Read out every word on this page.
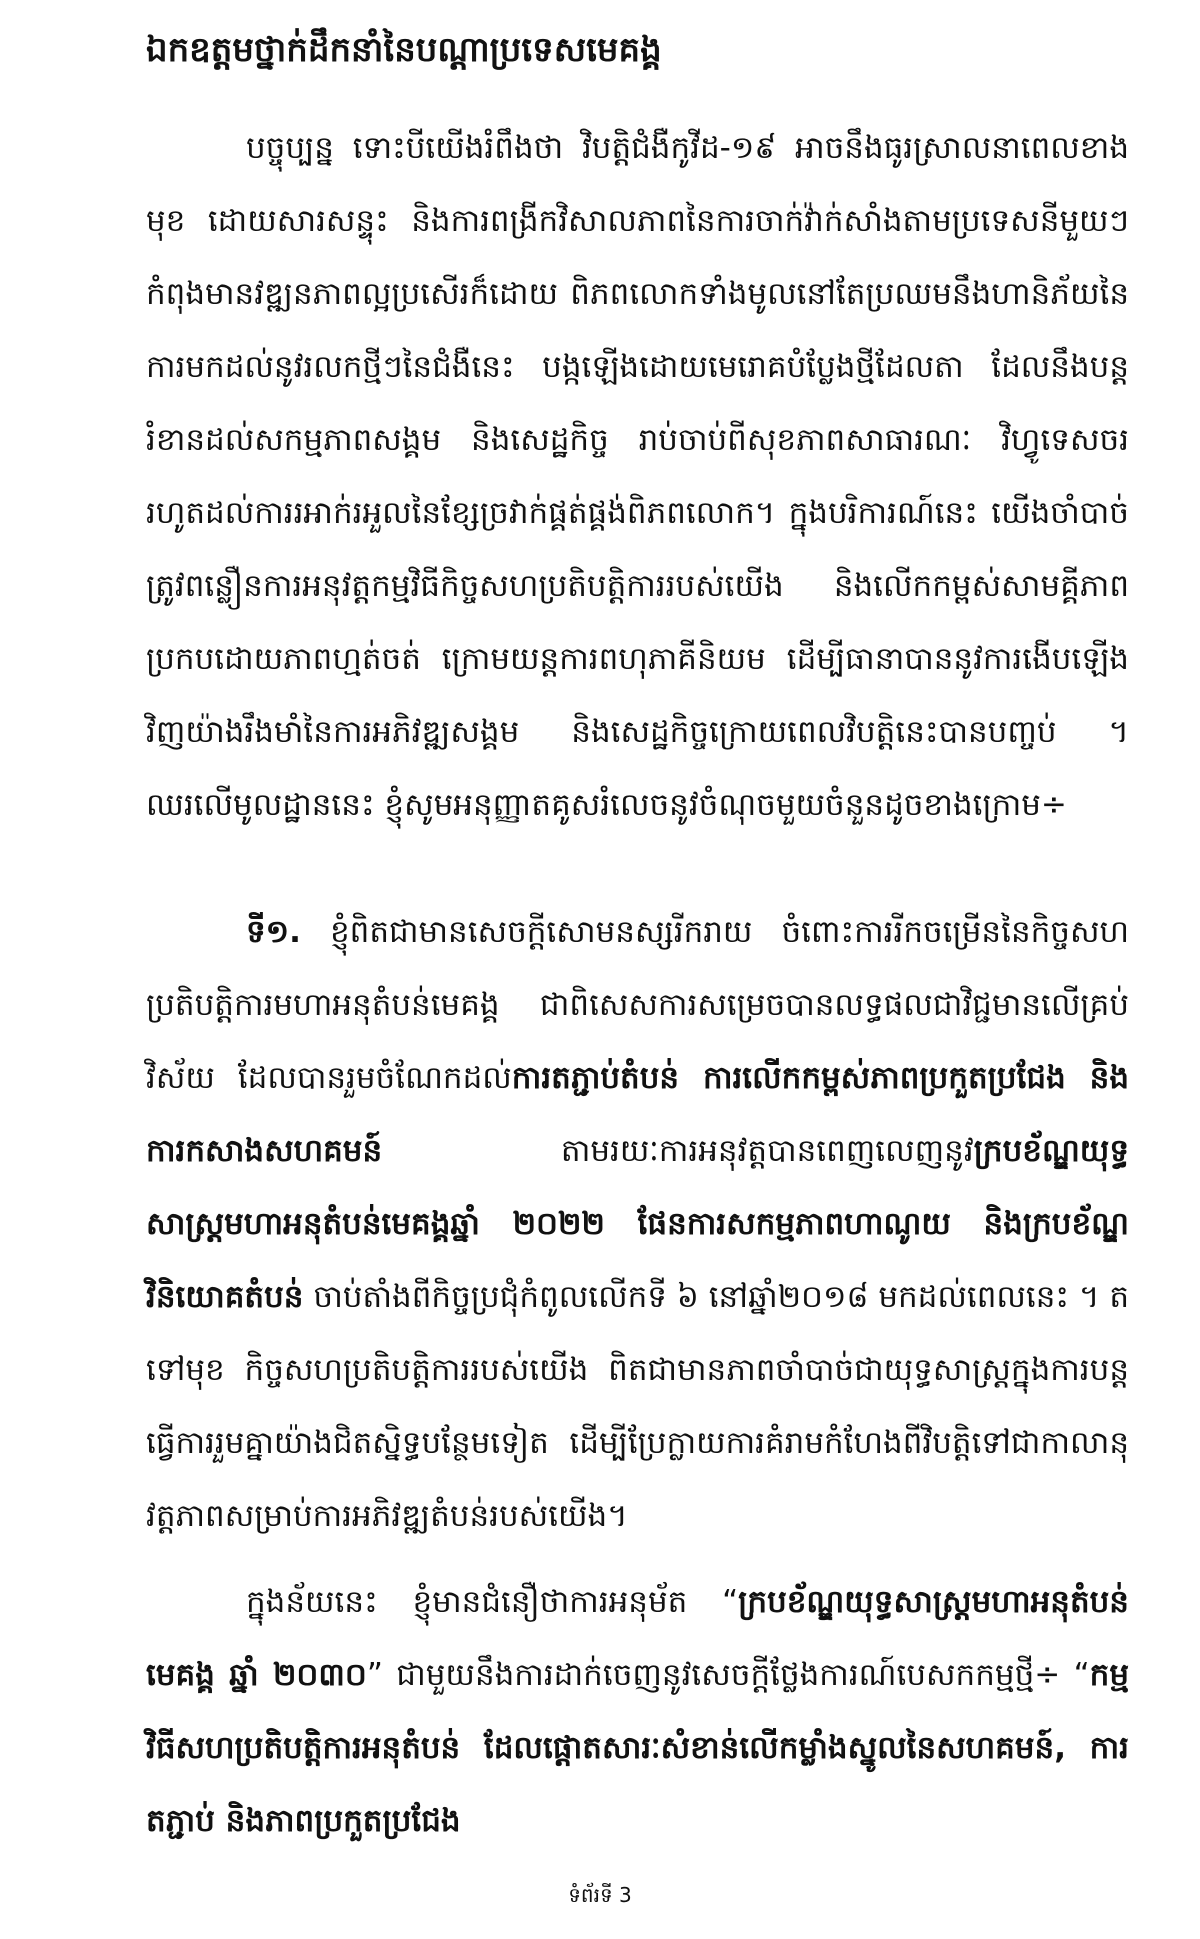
ឯកឧត្តមថ្នាក់ដឹកនាំនៃបណ្ដាប្រទេសមេគង្គ
បច្ចុប្បន្ន ទោះបីយើងរំពឹងថា វិបត្តិជំងឺកូវីដ-១៩ អាចនឹងធូរស្រាលនាពេលខាងមុខ ដោយសារសន្ទុះ និងការពង្រីកវិសាលភាពនៃការចាក់វ៉ាក់សាំងតាមប្រទេសនីមួយៗកំពុងមានវឌ្ឍនភាពល្អប្រសើរក៏ដោយ ពិភពលោកទាំងមូលនៅតែប្រឈមនឹងហានិភ័យនៃការមកដល់នូវរលកថ្មីៗនៃជំងឺនេះ បង្កឡើងដោយមេរោគបំប្លែងថ្មីដែលតា ដែលនឹងបន្តរំខានដល់សកម្មភាពសង្គម និងសេដ្ឋកិច្ច រាប់ចាប់ពីសុខភាពសាធារណៈ វិហ្វូទេសចរ រហូតដល់ការរអាក់រអួលនៃខ្សែច្រវាក់ផ្គត់ផ្គង់ពិភពលោក។ ក្នុងបរិការណ៍នេះ យើងចាំបាច់ត្រូវពន្លឿនការអនុវត្តកម្មវិធីកិច្ចសហប្រតិបត្តិការរបស់យើង និងលើកកម្ពស់សាមគ្គីភាពប្រកបដោយភាពហ្មត់ចត់ ក្រោមយន្តការពហុភាគីនិយម ដើម្បីធានាបាននូវការងើបឡើងវិញយ៉ាងរឹងមាំនៃការអភិវឌ្ឍសង្គម និងសេដ្ឋកិច្ចក្រោយពេលវិបត្តិនេះបានបញ្ចប់ ។ ឈរលើមូលដ្ឋាននេះ ខ្ញុំសូមអនុញ្ញាតគូសរំលេចនូវចំណុចមួយចំនួនដូចខាងក្រោម÷
ទី១. ខ្ញុំពិតជាមានសេចក្ដីសោមនស្សរីករាយ ចំពោះការរីកចម្រើននៃកិច្ចសហប្រតិបត្តិការមហាអនុតំបន់មេគង្គ ជាពិសេសការសម្រេចបានលទ្ធផលជាវិជ្ជមានលើគ្រប់វិស័យ ដែលបានរួមចំណែកដល់ការតភ្ជាប់តំបន់ ការលើកកម្ពស់ភាពប្រកួតប្រជែង និងការកសាងសហគមន៍	តាមរយៈការអនុវត្តបានពេញលេញនូវក្របខ័ណ្ឌយុទ្ធសាស្ត្រមហាអនុតំបន់មេគង្គឆ្នាំ ២០២២ ផែនការសកម្មភាពហាណូយ និងក្របខ័ណ្ឌវិនិយោគតំបន់ ចាប់តាំងពីកិច្ចប្រជុំកំពូលលើកទី ៦ នៅឆ្នាំ២០១៨ មកដល់ពេលនេះ ។ តទៅមុខ កិច្ចសហប្រតិបត្តិការរបស់យើង ពិតជាមានភាពចាំបាច់ជាយុទ្ធសាស្ត្រក្នុងការបន្តធ្វើការរួមគ្នាយ៉ាងជិតស្និទ្ធបន្ថែមទៀត ដើម្បីប្រែក្លាយការគំរាមកំហែងពីវិបត្តិទៅជាកាលានុវត្តភាពសម្រាប់ការអភិវឌ្ឍតំបន់របស់យើង។
ក្នុងន័យនេះ ខ្ញុំមានជំនឿថាការអនុម័ត “ក្របខ័ណ្ឌយុទ្ធសាស្ត្រមហាអនុតំបន់មេគង្គ ឆ្នាំ ២០៣០” ជាមួយនឹងការដាក់ចេញនូវសេចក្ដីថ្លែងការណ៍បេសកកម្មថ្មី÷ “កម្មវិធីសហប្រតិបត្តិការអនុតំបន់ ដែលផ្ដោតសារៈសំខាន់លើកម្លាំងស្នូលនៃសហគមន៍, ការតភ្ជាប់ និងភាពប្រកួតប្រជែង
ទំព័រទី 3
